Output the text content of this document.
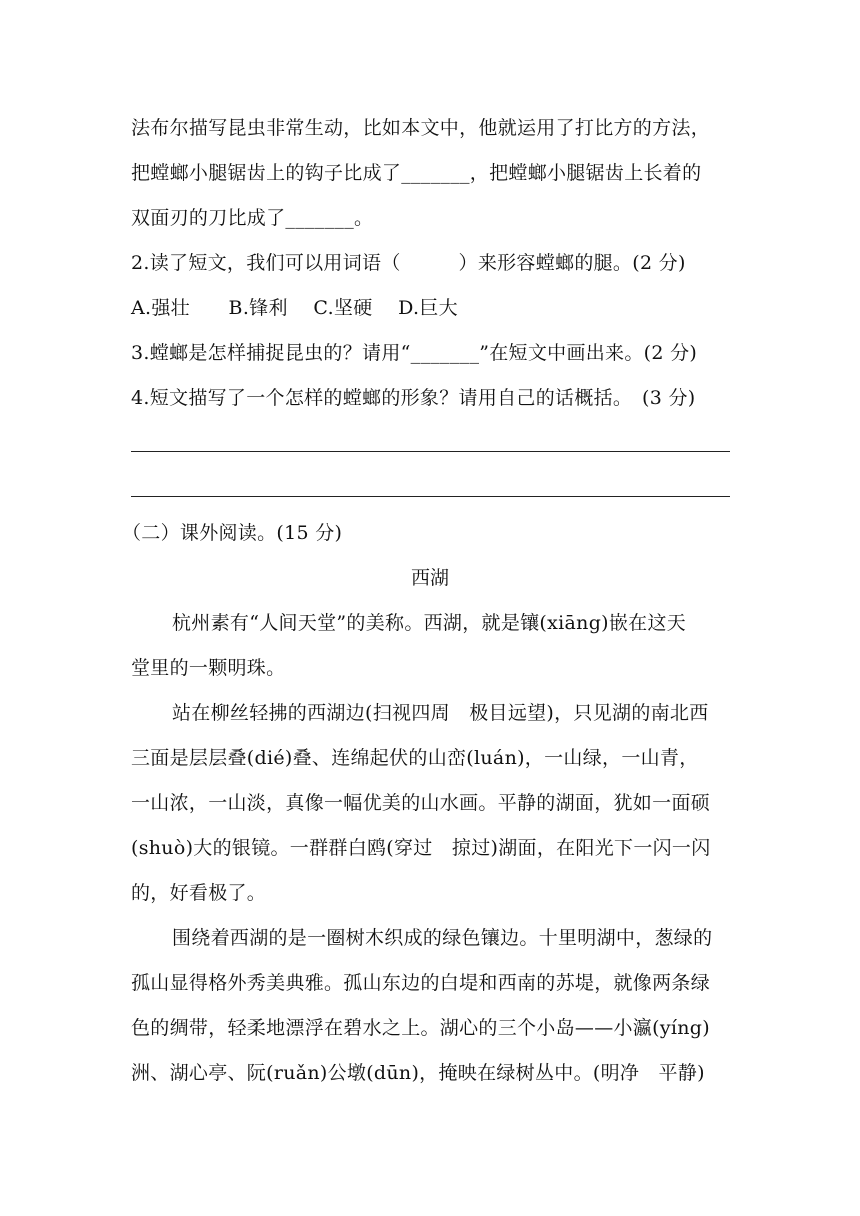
法布尔描写昆虫非常生动，比如本文中，他就运用了打比方的方法，
把螳螂小腿锯齿上的钩子比成了_______，把螳螂小腿锯齿上长着的
双面刃的刀比成了_______。
2.读了短文，我们可以用词语（　　　）来形容螳螂的腿。(2 分)
A.强壮　　B.锋利　 C.坚硬　 D.巨大
3.螳螂是怎样捕捉昆虫的？请用“_______”在短文中画出来。(2 分)
4.短文描写了一个怎样的螳螂的形象？请用自己的话概括。　(3 分)
（二）课外阅读。(15 分)
西湖
杭州素有“人间天堂”的美称。西湖，就是镶(xiāng)嵌在这天
堂里的一颗明珠。
站在柳丝轻拂的西湖边(扫视四周　极目远望)，只见湖的南北西
三面是层层叠(dié)叠、连绵起伏的山峦(luán)，一山绿，一山青，
一山浓，一山淡，真像一幅优美的山水画。平静的湖面，犹如一面硕
(shuò)大的银镜。一群群白鸥(穿过　掠过)湖面，在阳光下一闪一闪
的，好看极了。
围绕着西湖的是一圈树木织成的绿色镶边。十里明湖中，葱绿的
孤山显得格外秀美典雅。孤山东边的白堤和西南的苏堤，就像两条绿
色的绸带，轻柔地漂浮在碧水之上。湖心的三个小岛——小瀛(yíng)
洲、湖心亭、阮(ruǎn)公墩(dūn)，掩映在绿树丛中。(明净　平静)
